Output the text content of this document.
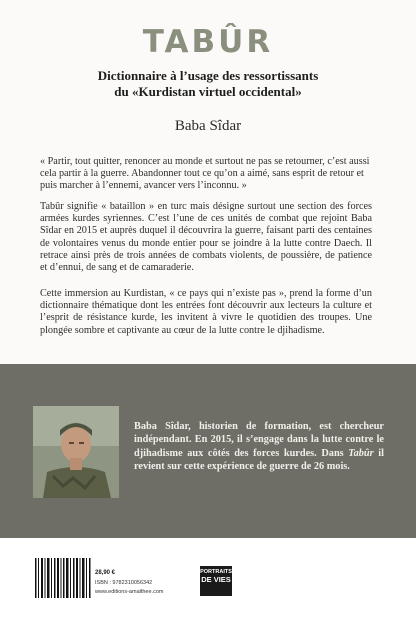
TABÛR
Dictionnaire à l’usage des ressortissants
du «Kurdistan virtuel occidental»
Baba Sîdar
« Partir, tout quitter, renoncer au monde et surtout ne pas se retourner, c’est aussi cela partir à la guerre. Abandonner tout ce qu’on a aimé, sans esprit de retour et puis marcher à l’ennemi, avancer vers l’inconnu. »
Tabûr signifie « bataillon » en turc mais désigne surtout une section des forces armées kurdes syriennes. C’est l’une de ces unités de combat que rejoint Baba Sîdar en 2015 et auprès duquel il découvrira la guerre, faisant parti des centaines de volontaires venus du monde entier pour se joindre à la lutte contre Daech. Il retrace ainsi près de trois années de combats violents, de poussière, de patience et d’ennui, de sang et de camaraderie.
Cette immersion au Kurdistan, « ce pays qui n’existe pas », prend la forme d’un dictionnaire thématique dont les entrées font découvrir aux lecteurs la culture et l’esprit de résistance kurde, les invitent à vivre le quotidien des troupes. Une plongée sombre et captivante au cœur de la lutte contre le djihadisme.
Baba Sîdar, historien de formation, est chercheur indépendant. En 2015, il s’engage dans la lutte contre le djihadisme aux côtés des forces kurdes. Dans Tabûr il revient sur cette expérience de guerre de 26 mois.
28,90 €
ISBN : 9782310056342
www.editions-amalthee.com
PORTRAITS
DE VIES
